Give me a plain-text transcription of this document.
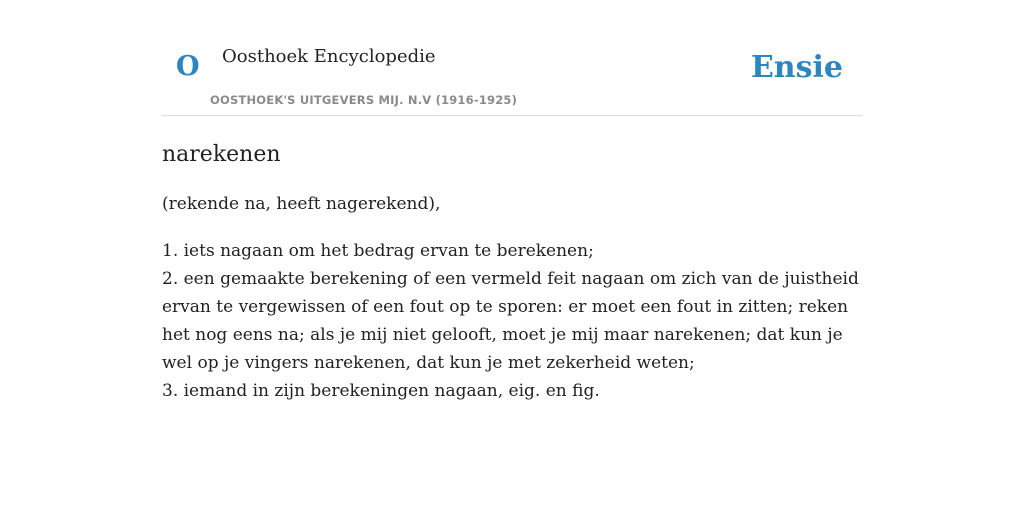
O Oosthoek Encyclopedie
OOSTHOEK'S UITGEVERS MIJ. N.V (1916-1925)
Ensie
narekenen

(rekende na, heeft nagerekend),

1. iets nagaan om het bedrag ervan te berekenen;
2. een gemaakte berekening of een vermeld feit nagaan om zich van de juistheid ervan te vergewissen of een fout op te sporen: er moet een fout in zitten; reken het nog eens na; als je mij niet gelooft, moet je mij maar narekenen; dat kun je wel op je vingers narekenen, dat kun je met zekerheid weten;
3. iemand in zijn berekeningen nagaan, eig. en fig.
